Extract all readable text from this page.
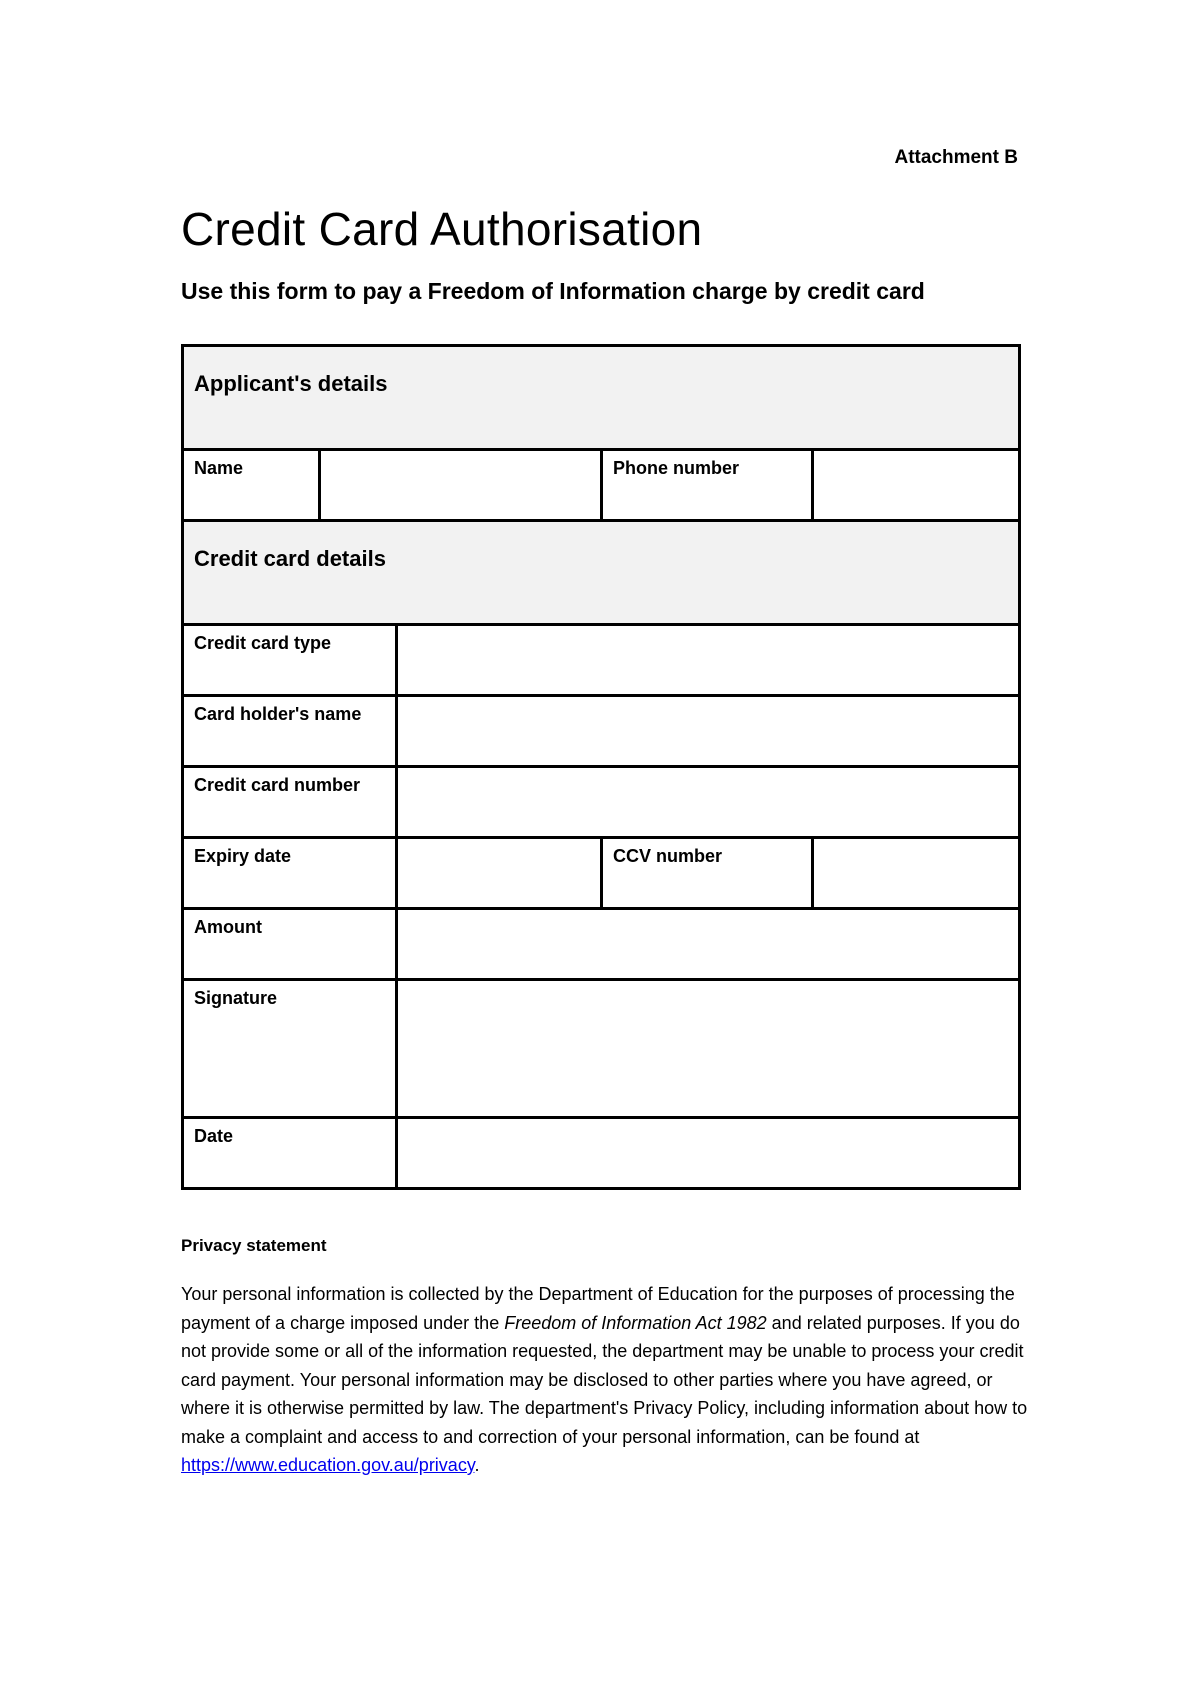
Attachment B
Credit Card Authorisation
Use this form to pay a Freedom of Information charge by credit card
Applicant's details				
Name			Phone number	
Credit card details				
Credit card type				
Card holder's name				
Credit card number				
Expiry date			CCV number	
Amount				
Signature				
Date				
Privacy statement
Your personal information is collected by the Department of Education for the purposes of processing the payment of a charge imposed under the Freedom of Information Act 1982 and related purposes. If you do not provide some or all of the information requested, the department may be unable to process your credit card payment. Your personal information may be disclosed to other parties where you have agreed, or where it is otherwise permitted by law. The department's Privacy Policy, including information about how to make a complaint and access to and correction of your personal information, can be found at https://www.education.gov.au/privacy.
